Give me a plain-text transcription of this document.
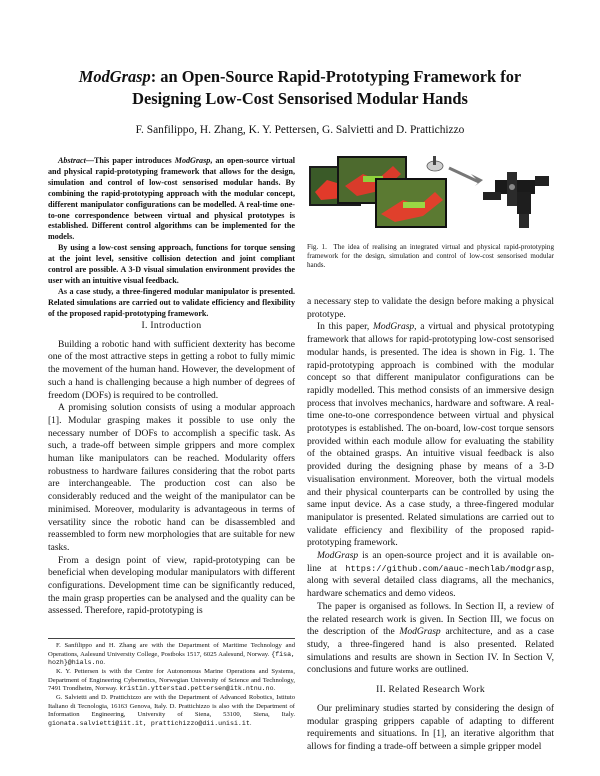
ModGrasp: an Open-Source Rapid-Prototyping Framework for
Designing Low-Cost Sensorised Modular Hands
F. Sanfilippo, H. Zhang, K. Y. Pettersen, G. Salvietti and D. Prattichizzo

Abstract—This paper introduces ModGrasp, an open-source virtual and physical rapid-prototyping framework that allows for the design, simulation and control of low-cost sensorised modular hands. By combining the rapid-prototyping approach with the modular concept, different manipulator configurations can be modelled. A real-time one-to-one correspondence between virtual and physical prototypes is established. Different control algorithms can be implemented for the models.

By using a low-cost sensing approach, functions for torque sensing at the joint level, sensitive collision detection and joint compliant control are possible. A 3-D visual simulation environment provides the user with an intuitive visual feedback.

As a case study, a three-fingered modular manipulator is presented. Related simulations are carried out to validate efficiency and flexibility of the proposed rapid-prototyping framework.

I. Introduction

Building a robotic hand with sufficient dexterity has become one of the most attractive steps in getting a robot to fully mimic the movement of the human hand. However, the development of such a hand is challenging because a high number of degrees of freedom (DOFs) is required to be controlled.

A promising solution consists of using a modular approach [1]. Modular grasping makes it possible to use only the necessary number of DOFs to accomplish a specific task. As such, a trade-off between simple grippers and more complex human like manipulators can be reached. Modularity offers robustness to hardware failures considering that the robot parts are interchangeable. The production cost can also be considerably reduced and the weight of the manipulator can be minimised. Moreover, modularity is advantageous in terms of versatility since the robotic hand can be disassembled and reassembled to form new morphologies that are suitable for new tasks.

From a design point of view, rapid-prototyping can be beneficial when developing modular manipulators with different configurations. Development time can be significantly reduced, the main grasp properties can be analysed and the quality can be assessed. Therefore, rapid-prototyping is

F. Sanfilippo and H. Zhang are with the Department of Maritime Technology and Operations, Aalesund University College, Postboks 1517, 6025 Aalesund, Norway. {fisa, hozh}@hials.no.

K. Y. Pettersen is with the Centre for Autonomous Marine Operations and Systems, Department of Engineering Cybernetics, Norwegian University of Science and Technology, 7491 Trondheim, Norway. kristin.ytterstad.pettersen@itk.ntnu.no.

G. Salvietti and D. Prattichizzo are with the Department of Advanced Robotics, Istituto Italiano di Tecnologia, 16163 Genova, Italy. D. Prattichizzo is also with the Department of Information Engineering, University of Siena, 53100, Siena, Italy. gionata.salvietti@iit.it, prattichizzo@dii.unisi.it.

Fig. 1. The idea of realising an integrated virtual and physical rapid-prototyping framework for the design, simulation and control of low-cost sensorised modular hands.

a necessary step to validate the design before making a physical prototype.

In this paper, ModGrasp, a virtual and physical prototyping framework that allows for rapid-prototyping low-cost sensorised modular hands, is presented. The idea is shown in Fig. 1. The rapid-prototyping approach is combined with the modular concept so that different manipulator configurations can be rapidly modelled. This method consists of an immersive design process that involves mechanics, hardware and software. A real-time one-to-one correspondence between virtual and physical prototypes is established. The on-board, low-cost torque sensors provided within each module allow for evaluating the stability of the obtained grasps. An intuitive visual feedback is also provided during the designing phase by means of a 3-D visualisation environment. Moreover, both the virtual models and their physical counterparts can be controlled by using the same input device. As a case study, a three-fingered modular manipulator is presented. Related simulations are carried out to validate efficiency and flexibility of the proposed rapid-prototyping framework.

ModGrasp is an open-source project and it is available on-line at https://github.com/aauc-mechlab/modgrasp, along with several detailed class diagrams, all the mechanics, hardware schematics and demo videos.

The paper is organised as follows. In Section II, a review of the related research work is given. In Section III, we focus on the description of the ModGrasp architecture, and as a case study, a three-fingered hand is also presented. Related simulations and results are shown in Section IV. In Section V, conclusions and future works are outlined.

II. Related Research Work

Our preliminary studies started by considering the design of modular grasping grippers capable of adapting to different requirements and situations. In [1], an iterative algorithm that allows for finding a trade-off between a simple gripper model
